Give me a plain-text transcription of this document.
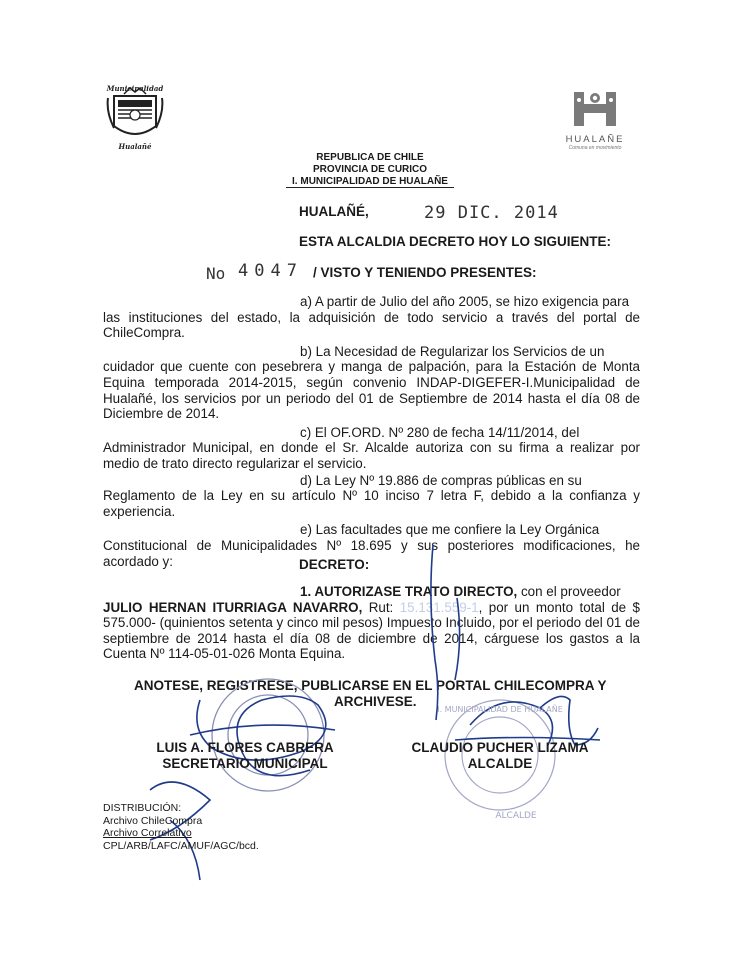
Municipalidad
Hualañé
HUALAÑE
Comuna en movimiento
REPUBLICA DE CHILE
PROVINCIA DE CURICO
I. MUNICIPALIDAD DE HUALAÑE
HUALAÑÉ,	29 DIC. 2014
ESTA ALCALDIA DECRETO HOY LO SIGUIENTE:
No 4047 / VISTO Y TENIENDO PRESENTES:
a) A partir de Julio del año 2005, se hizo exigencia para
las instituciones del estado, la adquisición de todo servicio a través del portal de ChileCompra.
b) La Necesidad de Regularizar los Servicios de un
cuidador que cuente con pesebrera y manga de palpación, para la Estación de Monta Equina temporada 2014-2015, según convenio INDAP-DIGEFER-I.Municipalidad de Hualañé, los servicios por un periodo del 01 de Septiembre de 2014 hasta el día 08 de Diciembre de 2014.
c) El OF.ORD. Nº 280 de fecha 14/11/2014, del
Administrador Municipal, en donde el Sr. Alcalde autoriza con su firma a realizar por medio de trato directo regularizar el servicio.
d) La Ley Nº 19.886 de compras públicas en su
Reglamento de la Ley en su artículo Nº 10 inciso 7 letra F, debido a la confianza y experiencia.
e) Las facultades que me confiere la Ley Orgánica
Constitucional de Municipalidades Nº 18.695 y sus posteriores modificaciones, he acordado y:	DECRETO:
1. AUTORIZASE TRATO DIRECTO, con el proveedor
JULIO HERNAN ITURRIAGA NAVARRO, Rut: 15.131.559-1, por un monto total de $ 575.000- (quinientos setenta y cinco mil pesos) Impuesto Incluido, por el periodo del 01 de septiembre de 2014 hasta el día 08 de diciembre de 2014, cárguese los gastos a la Cuenta Nº 114-05-01-026 Monta Equina.
ANOTESE, REGISTRESE, PUBLICARSE EN EL PORTAL CHILECOMPRA Y
ARCHIVESE.
I. MUNICIPALIDAD DE HUALAÑE
ALCALDE
LUIS A. FLORES CABRERA
SECRETARIO MUNICIPAL
CLAUDIO PUCHER LIZAMA
ALCALDE
DISTRIBUCIÓN:
Archivo ChileCompra
Archivo Correlativo
CPL/ARB/LAFC/AMUF/AGC/bcd.
